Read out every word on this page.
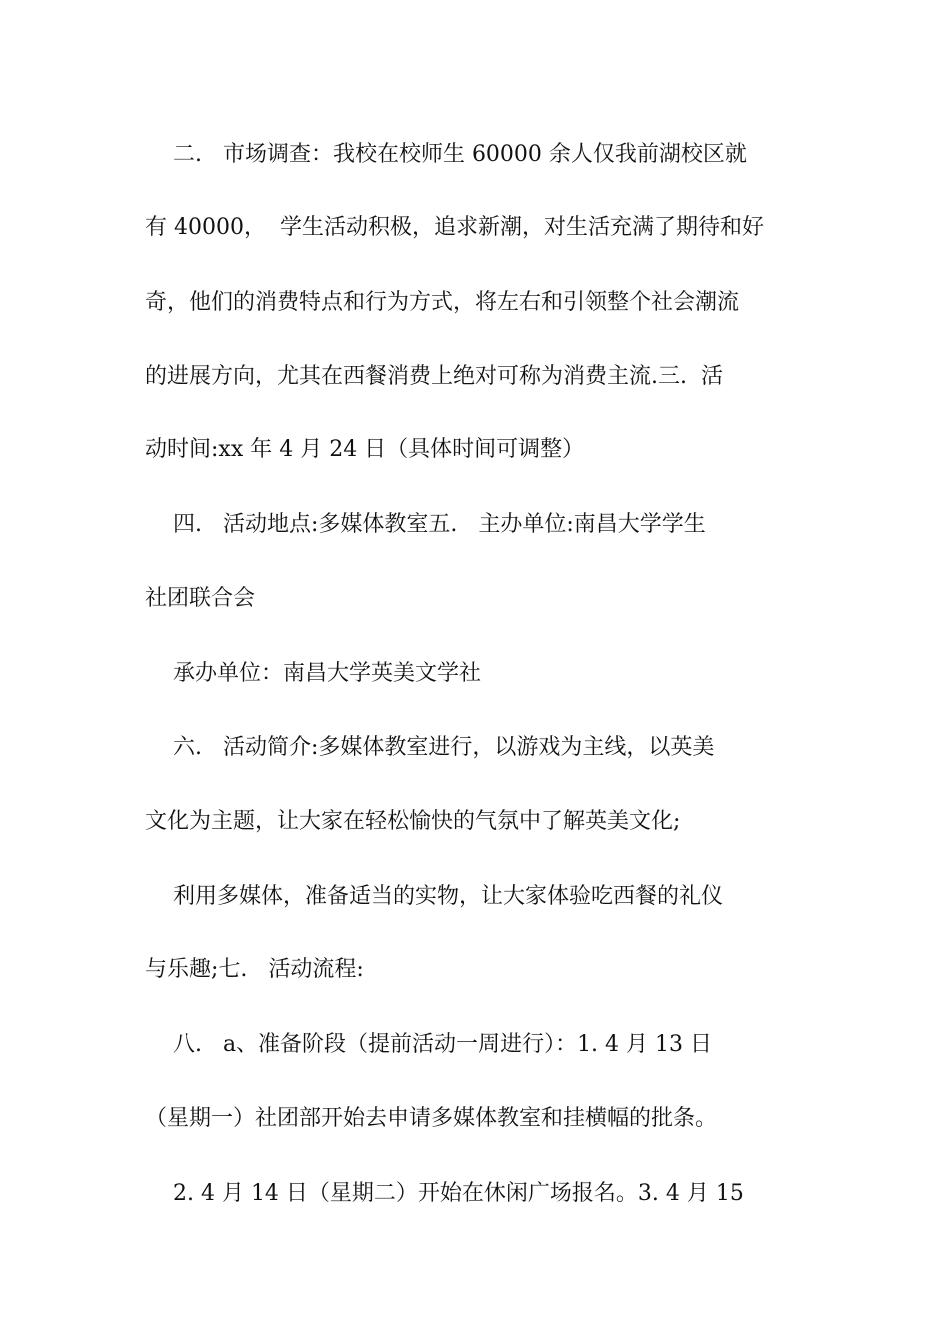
二.   市场调查：我校在校师生 60000 余人仅我前湖校区就
有 40000，  学生活动积极，追求新潮，对生活充满了期待和好
奇，他们的消费特点和行为方式，将左右和引领整个社会潮流
的进展方向，尤其在西餐消费上绝对可称为消费主流.三.  活
动时间:xx 年 4 月 24 日（具体时间可调整）
四.   活动地点:多媒体教室五.   主办单位:南昌大学学生
社团联合会
承办单位：南昌大学英美文学社
六.   活动简介:多媒体教室进行，以游戏为主线，以英美
文化为主题，让大家在轻松愉快的气氛中了解英美文化;
利用多媒体，准备适当的实物，让大家体验吃西餐的礼仪
与乐趣;七.   活动流程:
八.   a、准备阶段（提前活动一周进行）：1. 4 月 13 日
（星期一）社团部开始去申请多媒体教室和挂横幅的批条。
2. 4 月 14 日（星期二）开始在休闲广场报名。3. 4 月 15
